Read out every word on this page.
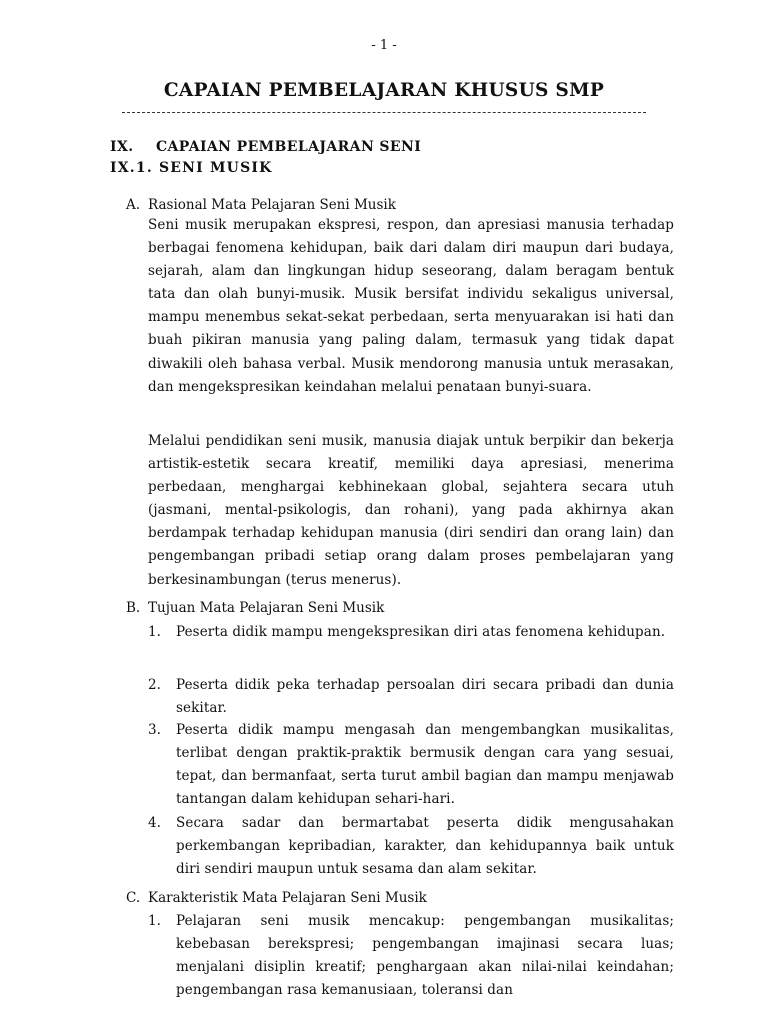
- 1 -
CAPAIAN PEMBELAJARAN KHUSUS SMP
IX. CAPAIAN PEMBELAJARAN SENI
IX.1. SENI MUSIK
A. Rasional Mata Pelajaran Seni Musik
Seni musik merupakan ekspresi, respon, dan apresiasi manusia terhadap berbagai fenomena kehidupan, baik dari dalam diri maupun dari budaya, sejarah, alam dan lingkungan hidup seseorang, dalam beragam bentuk tata dan olah bunyi-musik. Musik bersifat individu sekaligus universal, mampu menembus sekat-sekat perbedaan, serta menyuarakan isi hati dan buah pikiran manusia yang paling dalam, termasuk yang tidak dapat diwakili oleh bahasa verbal. Musik mendorong manusia untuk merasakan, dan mengekspresikan keindahan melalui penataan bunyi-suara.
Melalui pendidikan seni musik, manusia diajak untuk berpikir dan bekerja artistik-estetik secara kreatif, memiliki daya apresiasi, menerima perbedaan, menghargai kebhinekaan global, sejahtera secara utuh (jasmani, mental-psikologis, dan rohani), yang pada akhirnya akan berdampak terhadap kehidupan manusia (diri sendiri dan orang lain) dan pengembangan pribadi setiap orang dalam proses pembelajaran yang berkesinambungan (terus menerus).
B. Tujuan Mata Pelajaran Seni Musik
1. Peserta didik mampu mengekspresikan diri atas fenomena kehidupan.
2. Peserta didik peka terhadap persoalan diri secara pribadi dan dunia sekitar.
3. Peserta didik mampu mengasah dan mengembangkan musikalitas, terlibat dengan praktik-praktik bermusik dengan cara yang sesuai, tepat, dan bermanfaat, serta turut ambil bagian dan mampu menjawab tantangan dalam kehidupan sehari-hari.
4. Secara sadar dan bermartabat peserta didik mengusahakan perkembangan kepribadian, karakter, dan kehidupannya baik untuk diri sendiri maupun untuk sesama dan alam sekitar.
C. Karakteristik Mata Pelajaran Seni Musik
1. Pelajaran seni musik mencakup: pengembangan musikalitas; kebebasan berekspresi; pengembangan imajinasi secara luas; menjalani disiplin kreatif; penghargaan akan nilai-nilai keindahan; pengembangan rasa kemanusiaan, toleransi dan
